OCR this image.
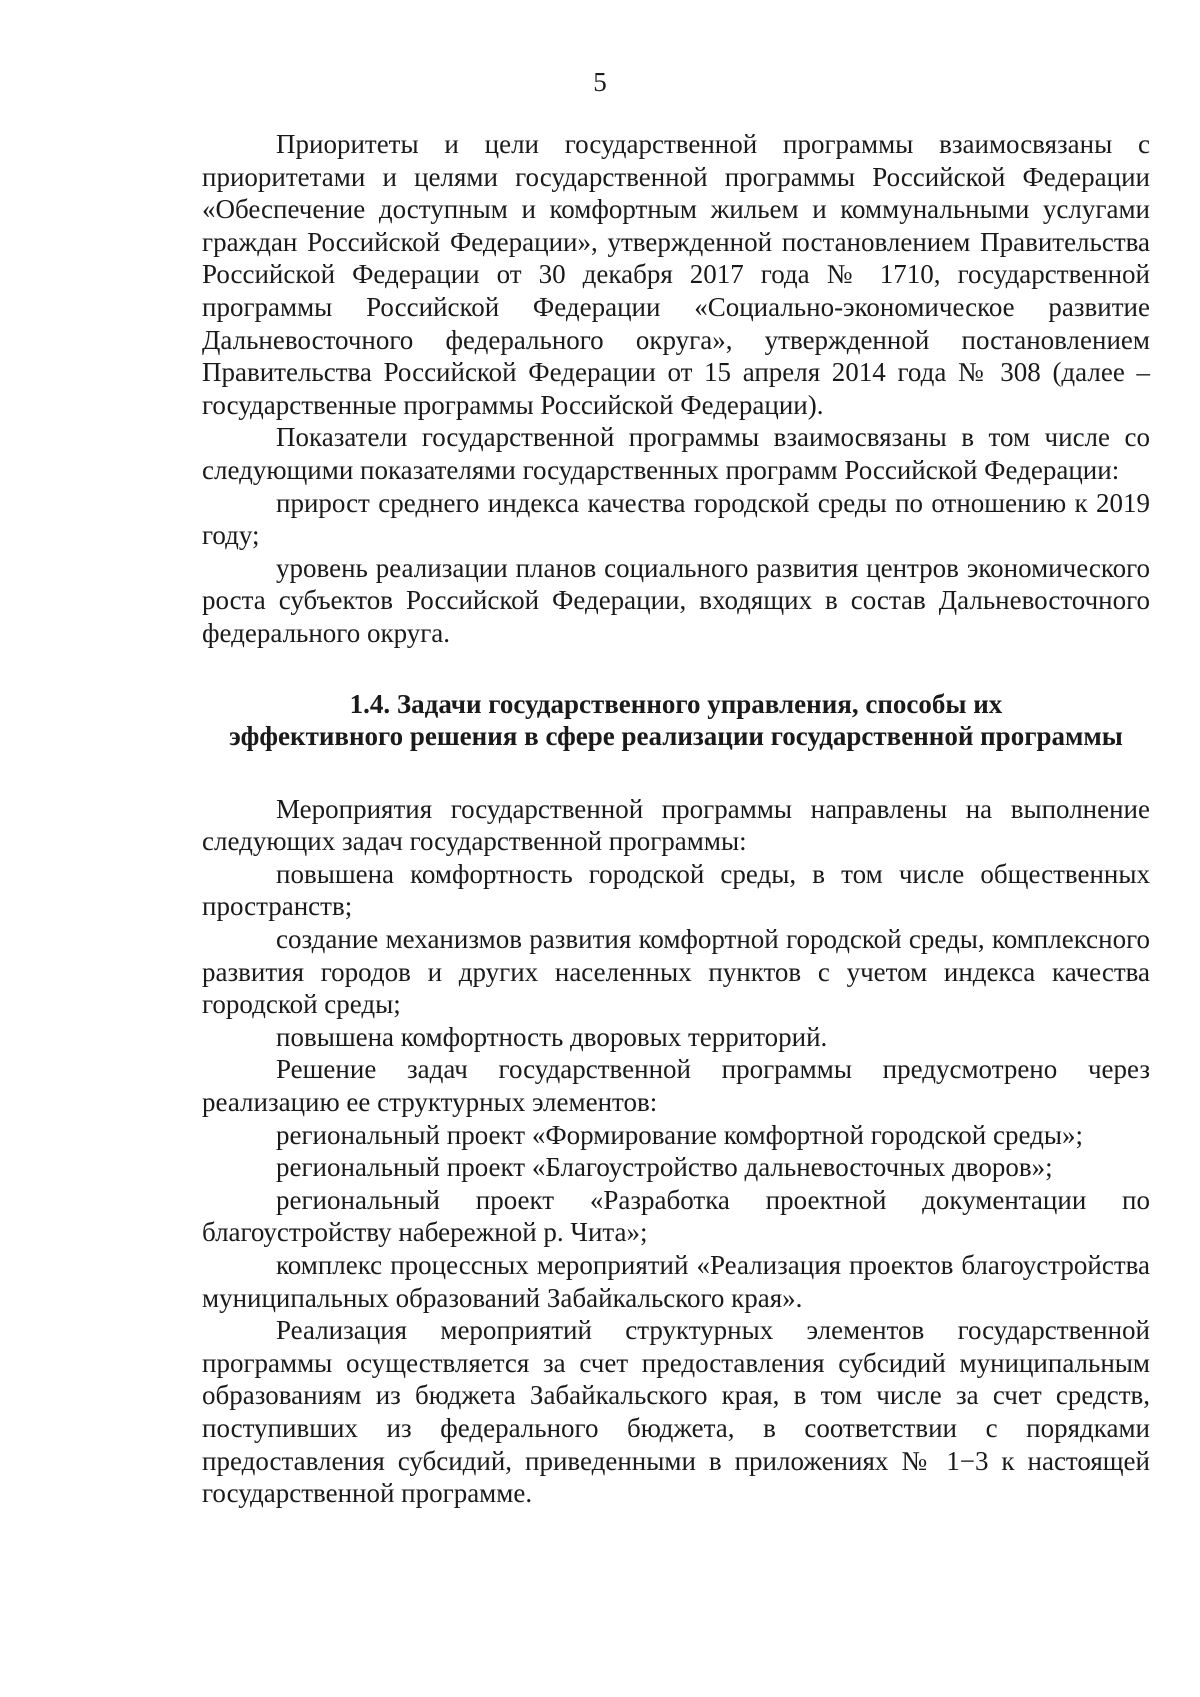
5

Приоритеты и цели государственной программы взаимосвязаны с приоритетами и целями государственной программы Российской Федерации «Обеспечение доступным и комфортным жильем и коммунальными услугами граждан Российской Федерации», утвержденной постановлением Правительства Российской Федерации от 30 декабря 2017 года № 1710, государственной программы Российской Федерации «Социально-экономическое развитие Дальневосточного федерального округа», утвержденной постановлением Правительства Российской Федерации от 15 апреля 2014 года № 308 (далее – государственные программы Российской Федерации).

Показатели государственной программы взаимосвязаны в том числе со следующими показателями государственных программ Российской Федерации:

прирост среднего индекса качества городской среды по отношению к 2019 году;

уровень реализации планов социального развития центров экономического роста субъектов Российской Федерации, входящих в состав Дальневосточного федерального округа.

1.4. Задачи государственного управления, способы их
эффективного решения в сфере реализации государственной программы

Мероприятия государственной программы направлены на выполнение следующих задач государственной программы:

повышена комфортность городской среды, в том числе общественных пространств;

создание механизмов развития комфортной городской среды, комплексного развития городов и других населенных пунктов с учетом индекса качества городской среды;

повышена комфортность дворовых территорий.

Решение задач государственной программы предусмотрено через реализацию ее структурных элементов:

региональный проект «Формирование комфортной городской среды»;

региональный проект «Благоустройство дальневосточных дворов»;

региональный проект «Разработка проектной документации по благоустройству набережной р. Чита»;

комплекс процессных мероприятий «Реализация проектов благоустройства муниципальных образований Забайкальского края».

Реализация мероприятий структурных элементов государственной программы осуществляется за счет предоставления субсидий муниципальным образованиям из бюджета Забайкальского края, в том числе за счет средств, поступивших из федерального бюджета, в соответствии с порядками предоставления субсидий, приведенными в приложениях № 1−3 к настоящей государственной программе.
